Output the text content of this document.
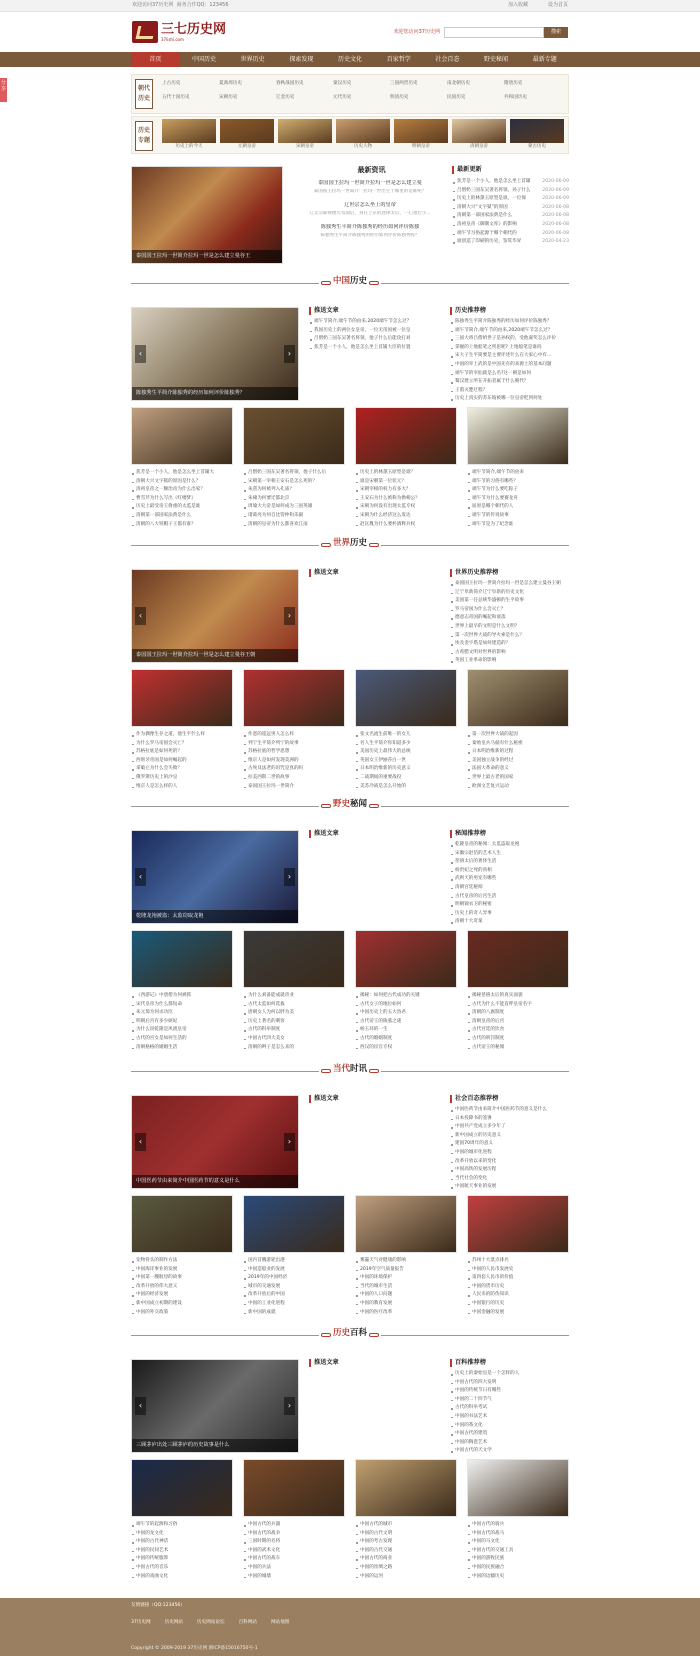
欢迎访问37历史网 商务合作QQ：123456	加入收藏	设为首页
三七历史网
37lishi.com
欢迎您访问37历史网	搜索
首页	中国历史	世界历史	探索发现	历史文化	百家哲学	社会百态	野史秘闻	最新专题
分享	朝代历史
上古历史	夏商周历史	春秋战国历史	秦汉历史	三国两晋历史	南北朝历史	隋唐历史
五代十国历史	宋朝历史	辽金历史	元代历史	明清历史	民国历史	共和国历史
历史专题
历史上的今天	元朝皇帝	宋朝皇帝	历史人物	明朝皇帝	清朝皇帝	蒙古历史
泰国国王拉玛一世简介拉玛一世是怎么建立曼谷王
最新资讯
泰国国王拉玛一世简介拉玛一世是怎么建立曼
泰国国王拉玛一世简介：拉玛一世出生于哪里的是谁呢？
辽世宗怎么坐上的皇帝
辽太宗耶律德光驾崩后，身在上京的述律太后，一心想让小...
陈独秀生平简介陈独秀的经历如何评价陈独
陈独秀生平简介陈独秀的经历如何评价陈独秀呢？
最新更新
焦芳是一个小人，他是怎么坐上首辅	2020-06-09
吕僧奶三国东吴著名将领，孙子什么	2020-06-09
历史上的林黛玉原型是谁，一位保	2020-06-09
清朝大兴“文字狱”的原因	2020-06-08
清朝第一部国家法典是什么	2020-06-08
清初皇帝《御制文库》的影响	2020-06-08
端午节习俗起源于哪个朝代的	2020-06-08
谁创造了印刷的历史，鉴赏毕昇	2020-04-23
中国历史
‹	›
陈独秀生平简介陈独秀的经历如何评价陈独秀？
推送文章
端午节简介,端午节的由来,2020端午节怎么过？
我国历史上的两位女皇帝，一位无帝国被一位皇
吕僧奶三国东吴著名将领，他子什么后能攻打刘
焦芳是一个小人，他是怎么坐上首辅大臣的位置
历史推荐榜
陈独秀生平简介陈独秀的经历如何评价陈独秀？
端午节简介,端午节的由来,2020端午节怎么过？
三国大将吕僧奶世子是孙权的，受他嘉奖怎么评价
掌握的上地船笔之所思呢? 上地船笔是谁吗
宋大子生平简要是主要评述什么在大家心中有...
中国的宰上武的是中国先有的来源上的基本问题
端午节的宰仙就是么名?这一朝是如何
蜀汉建立所在开拓者属于什么朝代？
王翦灭楚过程？
历史上真实的苏东坡被哪一位皇帝贬到何处
焦芳是一个小人，他是怎么坐上首辅大
清朝大兴文字狱的原因是什么？
清初皇帝之一顺治帝为什么出家？
曹雪芹为什么写出《红楼梦》
历史上最受帝王倚重的太监是谁
清朝第一部国家法典是什么
清朝的八大铁帽子王都有谁？
吕僧奶三国东吴著名将领，他子什么后
宋朝第一宰相王安石是怎么死的？
朱熹为何被列入孔庙？
朱棣为何要迁都北京
周瑜大大帝是如何成为三国英雄
诸葛亮为何自比管仲和乐毅
清朝的皇帝为什么都喜欢江南
历史上的林黛玉原型是谁？
谁是宋朝第一位状元？
宋朝宰相的权力有多大？
王安石为什么被称为拗相公？
宋朝为何没有出现太监专权
宋朝为什么经济这么发达
赵匡胤为什么要杯酒释兵权
端午节简介,端午节的由来
端午节的习俗有哪些？
端午节为什么要吃粽子
端午节为什么要赛龙舟
屈原是哪个朝代的人
端午节的传说故事
端午节是为了纪念谁
世界历史
‹	›
泰国国王拉玛一世简介拉玛一世是怎么建立曼谷王朝
推送文章	世界历史推荐榜
泰国国王拉玛一世简介拉玛一世是怎么建立曼谷王朝
辽宁阜新简介辽宁阜新的历史文化
美国第一任总统华盛顿的生平故事
罗马帝国为什么会灭亡？
德意志帝国的崛起和衰落
世界上最早的文明是什么文明？
第一次世界大战的导火索是什么？
埃及金字塔是如何建造的？
古希腊文明对世界的影响
英国工业革命的影响
作为偶像生存之道，他生平什么样
为什么罗马帝国会灭亡？
苏格拉底是如何死的？
西班牙帝国是如何崛起的
拿破仑为什么会失败？
俄罗斯历史上的沙皇
维京人是怎么样的人
作恶的遥远男人怎么样
列宁生平简介列宁的故事
苏格拉底的哲学思想
维京人是如何发现美洲的
古埃及法老的诅咒是真的吗
拉美西斯二世的故事
泰国国王拉玛一世简介
张文名流生前唯一的女儿
名人生平简介你知道多少
美国历史上最伟大的总统
英国女王伊丽莎白一世
日本明治维新的历史意义
二战期间的重要战役
美苏冷战是怎么开始的
第一次世界大战的起因
秦始皇兵马俑有什么秘密
日本明治维新的过程
美国独立战争的经过
法国大革命的意义
世界上最古老的国家
欧洲文艺复兴运动
野史秘闻
‹	›
乾隆龙袍被盗：太监窃取龙袍
推送文章	秘闻推荐榜
乾隆皇帝的秘闻：太监盗取龙袍
宋徽宗赵佶的艺术人生
慈禧太后的奢侈生活
杨贵妃之死的真相
武则天的男宠有哪些
清朝宫廷秘闻
古代皇帝的后宫生活
明朝锦衣卫的秘密
历史上的奇人异事
清朝十大奇案
《西游记》中唐僧为何被抓
宋代皇帝为什么都短命
朱元璋为何杀功臣
明朝后宫有多少嫔妃
为什么说乾隆是风流皇帝
古代的宫女是如何生活的
清朝格格的婚姻生活
为什么刘备能成就帝业
古代太监如何选拔
唐朝女人为何以胖为美
历史上著名的刺客
古代的科举制度
中国古代四大美女
清朝的辫子是怎么来的
揭秘：如何把古代成功的关键
古代女子的地位如何
中国历史上的五大昏君
古代帝王的陵墓之谜
杨玉环的一生
古代的婚姻制度
西汉的宦官专权
揭秘慈禧太后的真实面貌
古代为什么不能直呼皇帝名字
清朝的八旗制度
清朝皇帝的后宫
古代宫廷的饮食
古代的刑罚制度
古代帝王的秘闻
当代时讯
‹	›
中国医药节由来简介中国医药节的意义是什么
推送文章	社会百态推荐榜
中国医药节由来简介中国医药节的意义是什么
日本投降书的签署
中国共产党成立多少年了
新中国成立的历史意义
建国70周年的意义
中国的城市化进程
改革开放以来的变化
中国高铁的发展历程
当代社会的变化
中国航天事业的发展
宠物骨头的制作方法
中国海洋事业的发展
中国第一艘航母的故事
改革开放的伟大意义
中国的经济发展
新中国成立初期的建设
中国的外交政策
国内首艘游轮出港
中国造船业的发展
2019年的中国经济
城市的交通发展
改革开放后的中国
中国的工业化进程
新中国的成就
雾霾天气对健康的影响
2019年空气质量报告
中国的环境保护
当代的城市生活
中国的人口问题
中国的教育发展
中国的医疗改革
苏州十大景点排名
中国的人民币发展史
第四套人民币的价值
中国的货币历史
人民币的防伪知识
中国银行的历史
中国金融的发展
历史百科
‹	›
三顾茅庐出处三顾茅庐的历史故事是什么
推送文章	百科推荐榜
历史上的秦始皇是一个怎样的人
中国古代的四大发明
中国的传统节日有哪些
中国的二十四节气
古代的科举考试
中国的书法艺术
中国的茶文化
中国古代的建筑
中国的陶瓷艺术
中国古代的天文学
端午节的起源和习俗
中国的龙文化
中国的古代神话
中国的民间艺术
中国的传统服饰
中国古代的音乐
中国的戏曲文化
中国古代的兵器
中国古代的战争
三国时期的名将
中国的武术文化
中国古代的战车
中国的兵法
中国的城墙
中国古代的城市
中国的古代文明
中国的考古发现
中国的古代交通
中国古代的商业
中国的丝绸之路
中国的运河
中国古代的骑兵
中国古代的战马
中国的马文化
中国古代的交通工具
中国的游牧民族
中国的民族融合
中国的边疆历史
友情链接（QQ:123456）
37历史网	历史网站	历史网站论坛	百科网站	网站地图
Copyright © 2009-2019 37历史网 浙ICP备15016750号-1
